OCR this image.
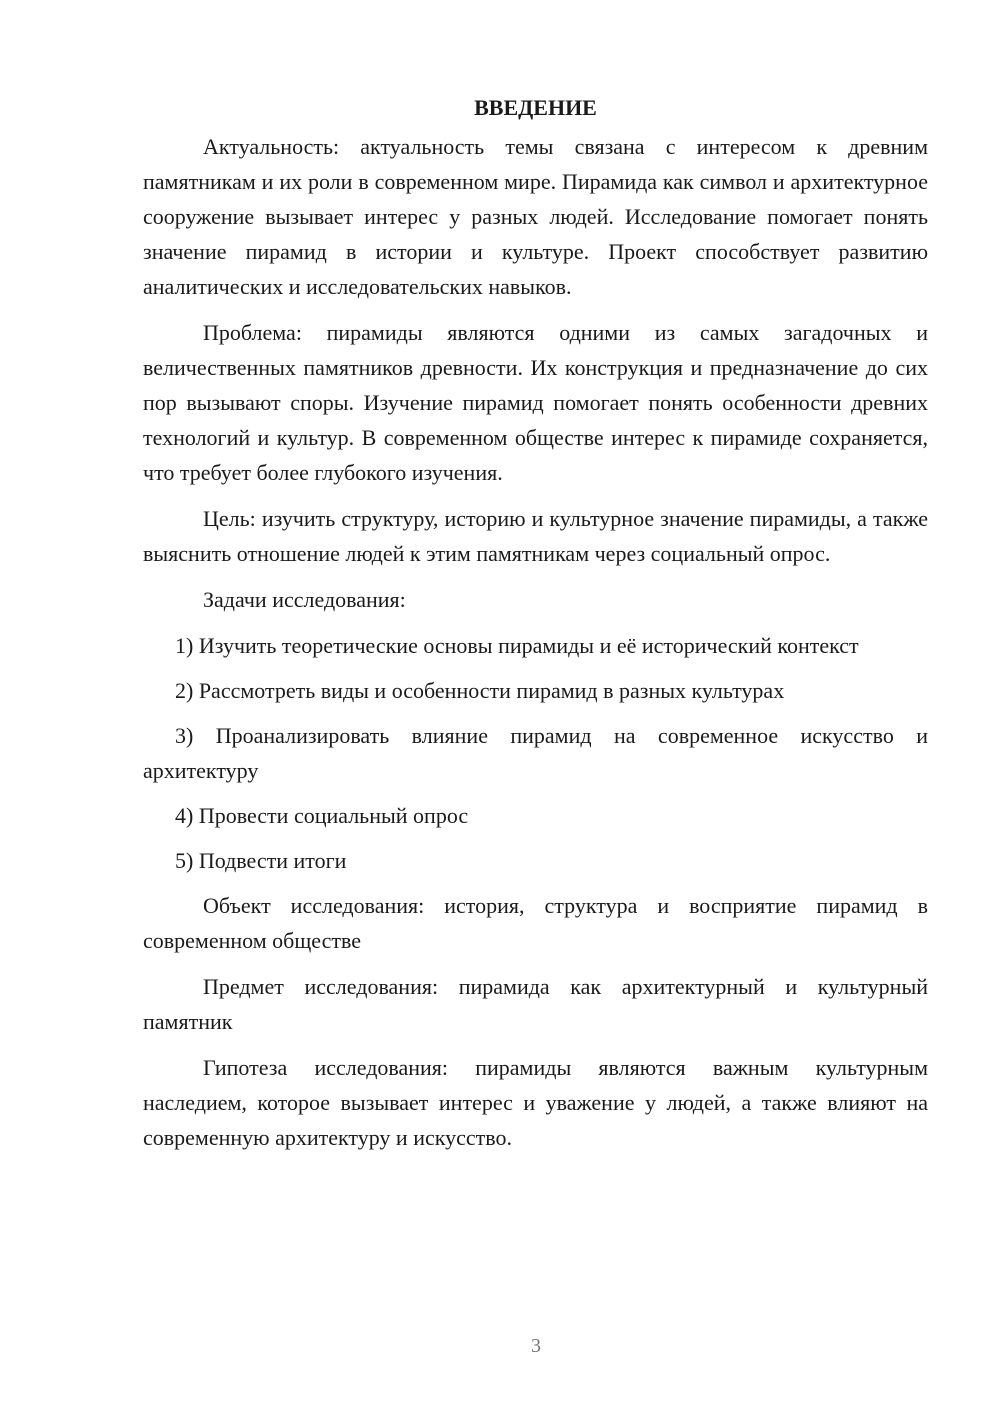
ВВЕДЕНИЕ

Актуальность: актуальность темы связана с интересом к древним памятникам и их роли в современном мире. Пирамида как символ и архитектурное сооружение вызывает интерес у разных людей. Исследование помогает понять значение пирамид в истории и культуре. Проект способствует развитию аналитических и исследовательских навыков.

Проблема: пирамиды являются одними из самых загадочных и величественных памятников древности. Их конструкция и предназначение до сих пор вызывают споры. Изучение пирамид помогает понять особенности древних технологий и культур. В современном обществе интерес к пирамиде сохраняется, что требует более глубокого изучения.

Цель: изучить структуру, историю и культурное значение пирамиды, а также выяснить отношение людей к этим памятникам через социальный опрос.

Задачи исследования:

1) Изучить теоретические основы пирамиды и её исторический контекст

2) Рассмотреть виды и особенности пирамид в разных культурах

3) Проанализировать влияние пирамид на современное искусство и архитектуру

4) Провести социальный опрос

5) Подвести итоги

Объект исследования: история, структура и восприятие пирамид в современном обществе

Предмет исследования: пирамида как архитектурный и культурный памятник

Гипотеза исследования: пирамиды являются важным культурным наследием, которое вызывает интерес и уважение у людей, а также влияют на современную архитектуру и искусство.

3
